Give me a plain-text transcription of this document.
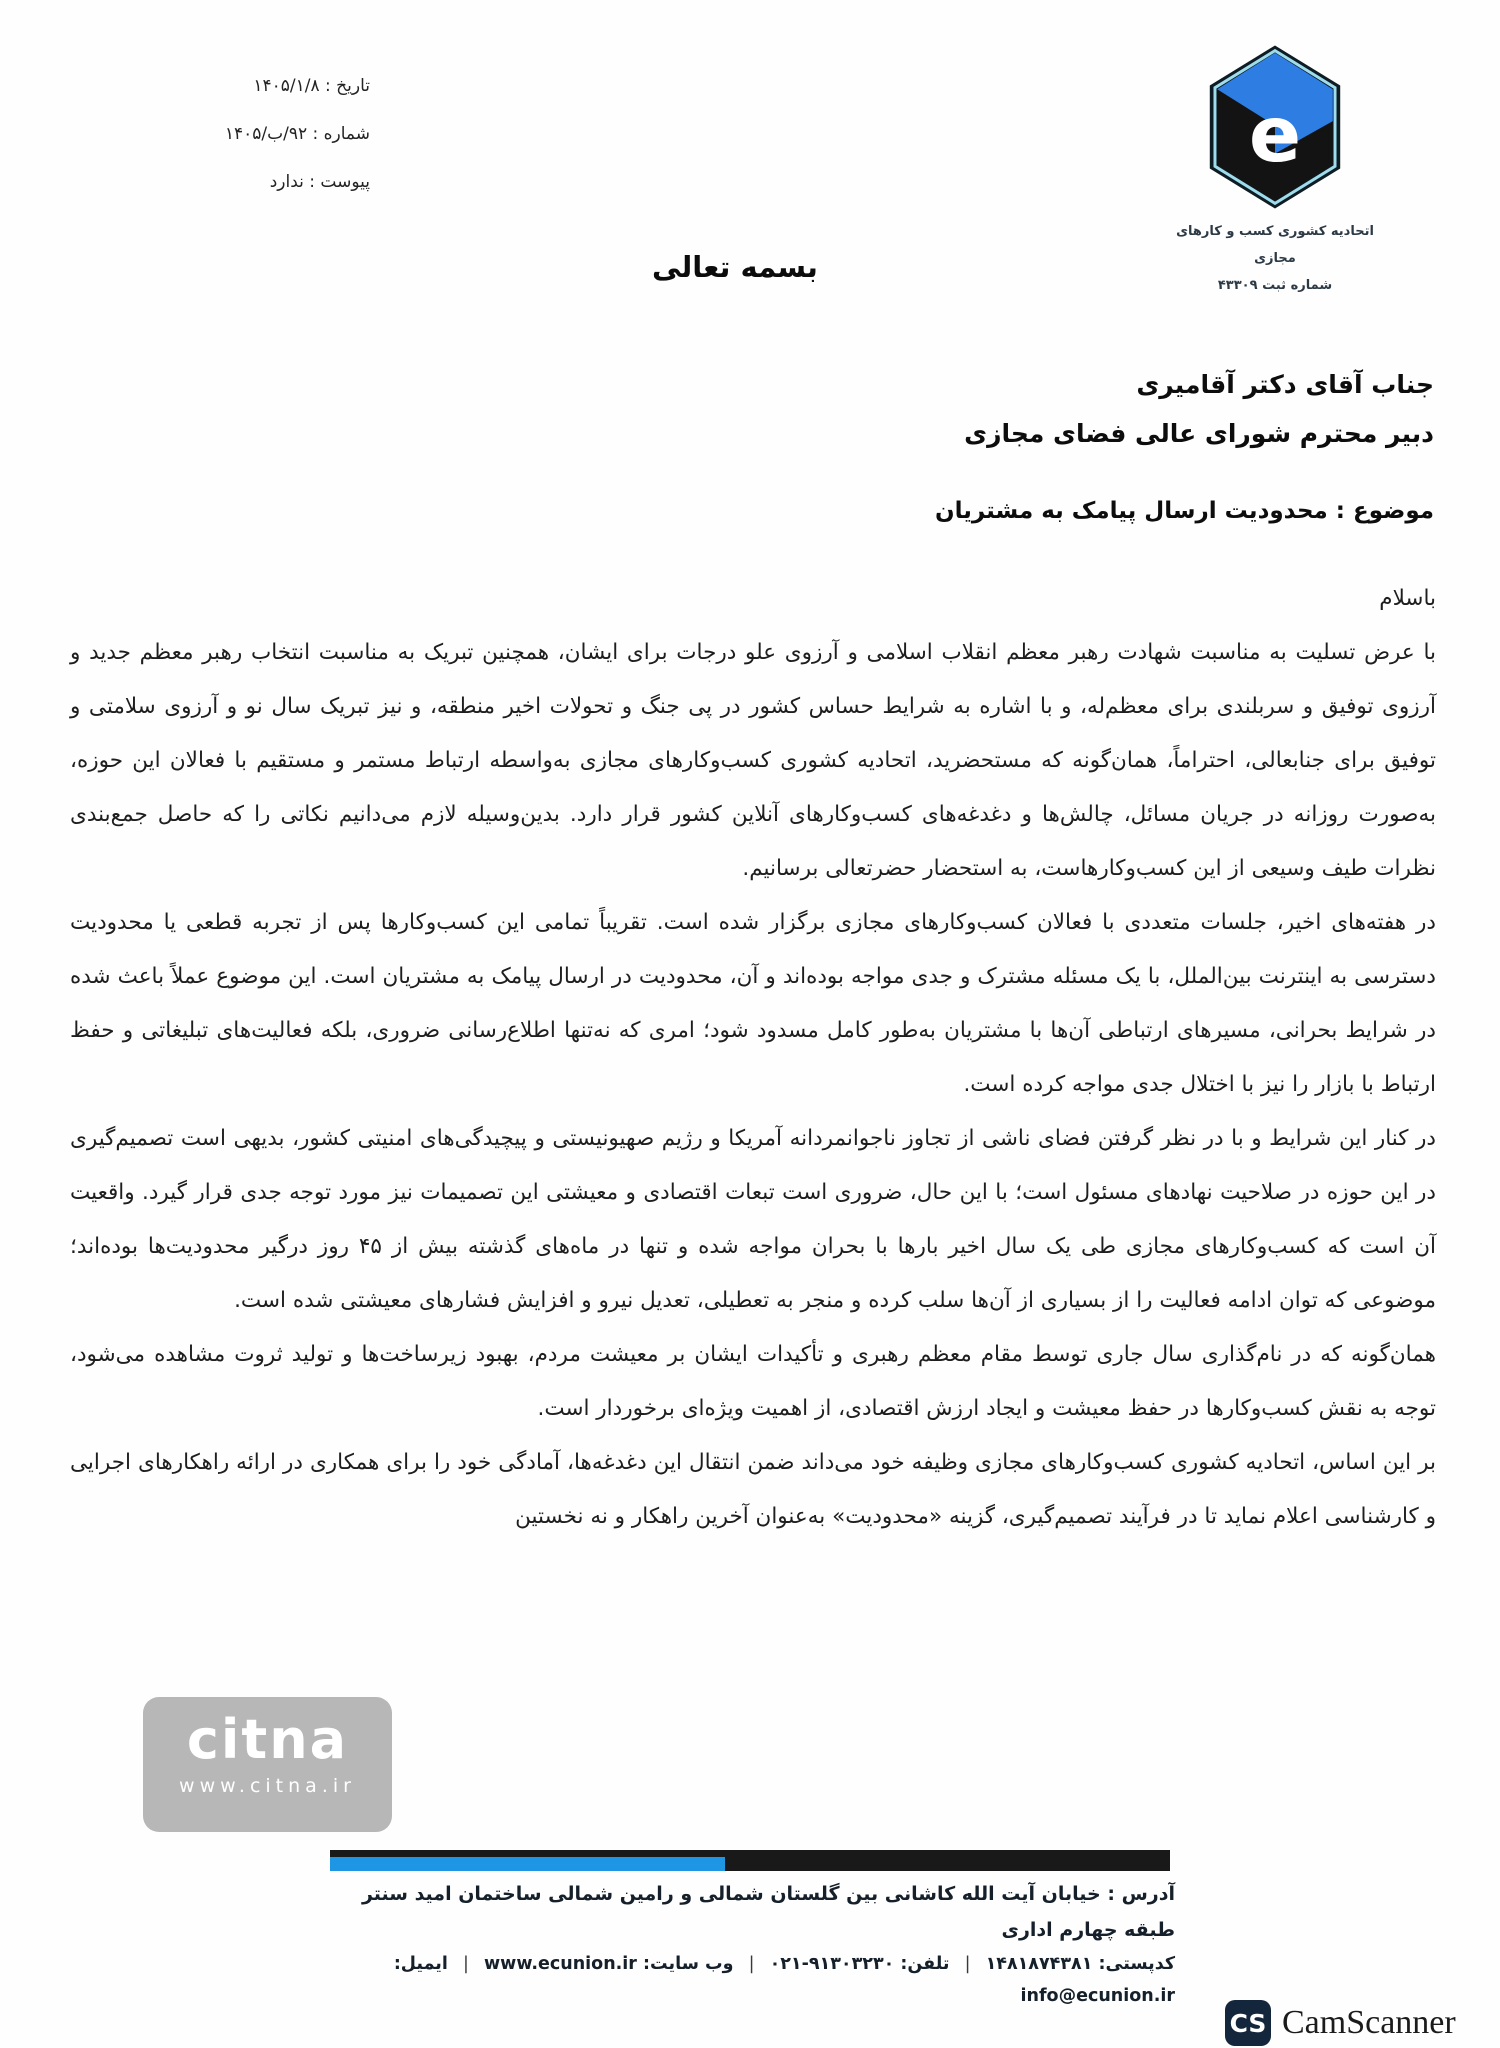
تاریخ : ۱۴۰۵/۱/۸
شماره : ۹۲/ب/۱۴۰۵
پیوست : ندارد
e
اتحادیه کشوری کسب و کارهای مجازی
شماره ثبت ۴۳۳۰۹
بسمه تعالی
جناب آقای دکتر آقامیری
دبیر محترم شورای عالی فضای مجازی
موضوع : محدودیت ارسال پیامک به مشتریان

باسلام

با عرض تسلیت به مناسبت شهادت رهبر معظم انقلاب اسلامی و آرزوی علو درجات برای ایشان، همچنین تبریک به مناسبت انتخاب رهبر معظم جدید و آرزوی توفیق و سربلندی برای معظم‌له، و با اشاره به شرایط حساس کشور در پی جنگ و تحولات اخیر منطقه، و نیز تبریک سال نو و آرزوی سلامتی و توفیق برای جنابعالی، احتراماً، همان‌گونه که مستحضرید، اتحادیه کشوری کسب‌وکارهای مجازی به‌واسطه ارتباط مستمر و مستقیم با فعالان این حوزه، به‌صورت روزانه در جریان مسائل، چالش‌ها و دغدغه‌های کسب‌وکارهای آنلاین کشور قرار دارد. بدین‌وسیله لازم می‌دانیم نکاتی را که حاصل جمع‌بندی نظرات طیف وسیعی از این کسب‌وکارهاست، به استحضار حضرتعالی برسانیم.

در هفته‌های اخیر، جلسات متعددی با فعالان کسب‌وکارهای مجازی برگزار شده است. تقریباً تمامی این کسب‌وکارها پس از تجربه قطعی یا محدودیت دسترسی به اینترنت بین‌الملل، با یک مسئله مشترک و جدی مواجه بوده‌اند و آن، محدودیت در ارسال پیامک به مشتریان است. این موضوع عملاً باعث شده در شرایط بحرانی، مسیرهای ارتباطی آن‌ها با مشتریان به‌طور کامل مسدود شود؛ امری که نه‌تنها اطلاع‌رسانی ضروری، بلکه فعالیت‌های تبلیغاتی و حفظ ارتباط با بازار را نیز با اختلال جدی مواجه کرده است.

در کنار این شرایط و با در نظر گرفتن فضای ناشی از تجاوز ناجوانمردانه آمریکا و رژیم صهیونیستی و پیچیدگی‌های امنیتی کشور، بدیهی است تصمیم‌گیری در این حوزه در صلاحیت نهادهای مسئول است؛ با این حال، ضروری است تبعات اقتصادی و معیشتی این تصمیمات نیز مورد توجه جدی قرار گیرد. واقعیت آن است که کسب‌وکارهای مجازی طی یک سال اخیر بارها با بحران مواجه شده و تنها در ماه‌های گذشته بیش از ۴۵ روز درگیر محدودیت‌ها بوده‌اند؛ موضوعی که توان ادامه فعالیت را از بسیاری از آن‌ها سلب کرده و منجر به تعطیلی، تعدیل نیرو و افزایش فشارهای معیشتی شده است.

همان‌گونه که در نام‌گذاری سال جاری توسط مقام معظم رهبری و تأکیدات ایشان بر معیشت مردم، بهبود زیرساخت‌ها و تولید ثروت مشاهده می‌شود، توجه به نقش کسب‌وکارها در حفظ معیشت و ایجاد ارزش اقتصادی، از اهمیت ویژه‌ای برخوردار است.

بر این اساس، اتحادیه کشوری کسب‌وکارهای مجازی وظیفه خود می‌داند ضمن انتقال این دغدغه‌ها، آمادگی خود را برای همکاری در ارائه راهکارهای اجرایی و کارشناسی اعلام نماید تا در فرآیند تصمیم‌گیری، گزینه «محدودیت» به‌عنوان آخرین راهکار و نه نخستین

citna
www.citna.ir
آدرس : خیابان آیت الله کاشانی بین گلستان شمالی و رامین شمالی ساختمان امید سنتر طبقه چهارم اداری
کدپستی: ۱۴۸۱۸۷۴۳۸۱ | تلفن: ۰۲۱-۹۱۳۰۳۲۳۰ | وب سایت: www.ecunion.ir | ایمیل: info@ecunion.ir
CS CamScanner
